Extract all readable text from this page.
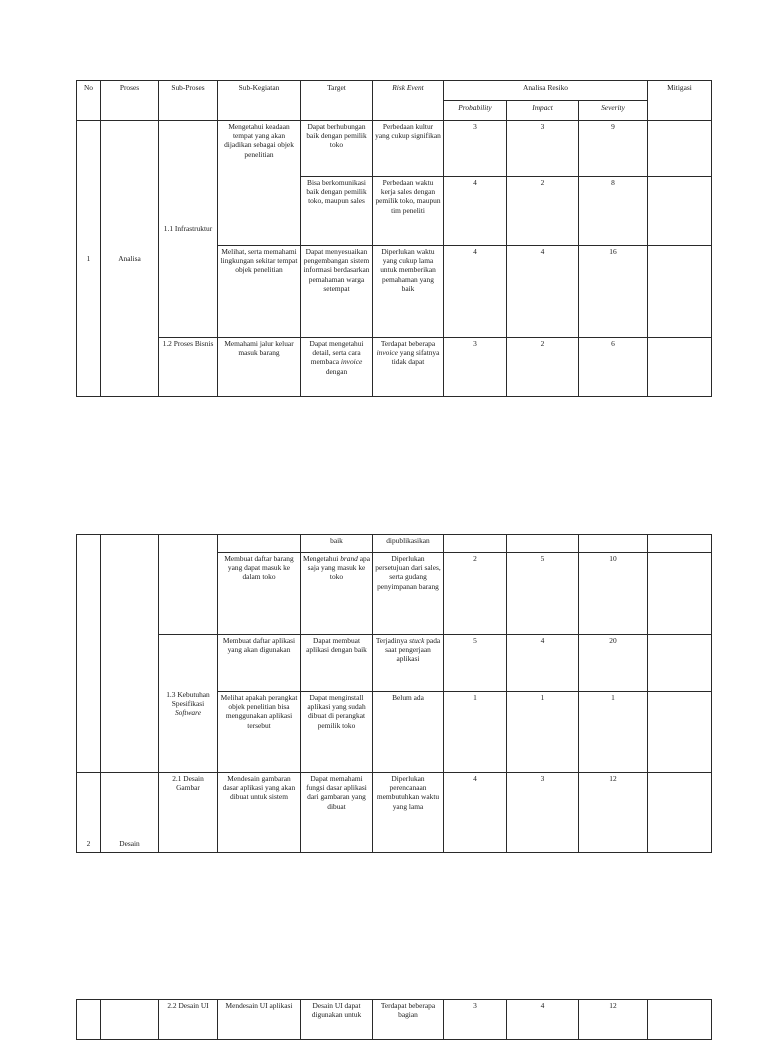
No	Proses	Sub-Proses	Sub-Kegiatan	Target	Risk Event	Analisa Resiko			Mitigasi
						Probability	Impact	Severity	
1	Analisa	1.1 Infrastruktur	Mengetahui keadaan tempat yang akan dijadikan sebagai objek penelitian	Dapat berhubungan baik dengan pemilik toko	Perbedaan kultur yang cukup signifikan	3	3	9	
				Bisa berkomunikasi baik dengan pemilik toko, maupun sales	Perbedaan waktu kerja sales dengan pemilik toko, maupun tim peneliti	4	2	8	
			Melihat, serta memahami lingkungan sekitar tempat objek penelitian	Dapat menyesuaikan pengembangan sistem informasi berdasarkan pemahaman warga setempat	Diperlukan waktu yang cukup lama untuk memberikan pemahaman yang baik	4	4	16	
		1.2 Proses Bisnis	Memahami jalur keluar masuk barang	Dapat mengetahui detail, serta cara membaca invoice dengan	Terdapat beberapa invoice yang sifatnya tidak dapat	3	2	6	
				baik	dipublikasikan				
			Membuat daftar barang yang dapat masuk ke dalam toko	Mengetahui brand apa saja yang masuk ke toko	Diperlukan persetujuan dari sales, serta gudang penyimpanan barang	2	5	10	
		1.3 Kebutuhan Spesifikasi Software	Membuat daftar aplikasi yang akan digunakan	Dapat membuat aplikasi dengan baik	Terjadinya stuck pada saat pengerjaan aplikasi	5	4	20	
			Melihat apakah perangkat objek penelitian bisa menggunakan aplikasi tersebut	Dapat menginstall aplikasi yang sudah dibuat di perangkat pemilik toko	Belum ada	1	1	1	
2	Desain	2.1 Desain Gambar	Mendesain gambaran dasar aplikasi yang akan dibuat untuk sistem	Dapat memahami fungsi dasar aplikasi dari gambaran yang dibuat	Diperlukan perencanaan membutuhkan waktu yang lama	4	3	12	
		2.2 Desain UI	Mendesain UI aplikasi	Desain UI dapat digunakan untuk	Terdapat beberapa bagian	3	4	12	
